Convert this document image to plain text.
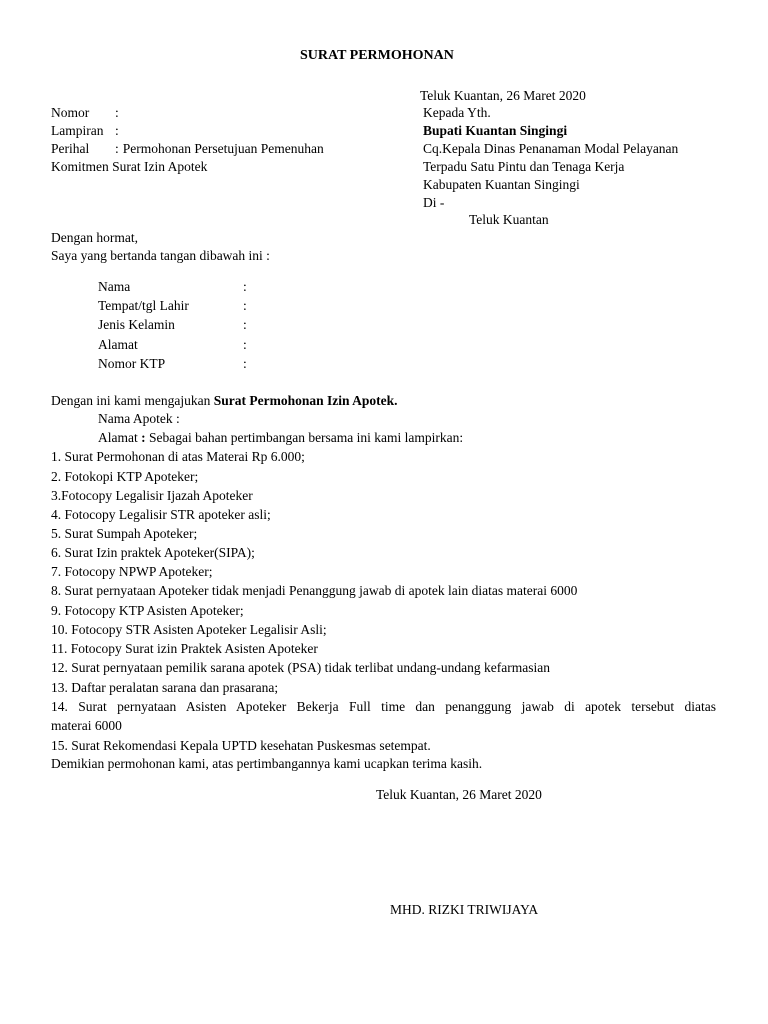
SURAT PERMOHONAN
Teluk Kuantan, 26 Maret 2020
Nomor :
Lampiran :
Perihal : Permohonan Persetujuan Pemenuhan
Komitmen Surat Izin Apotek
Kepada Yth.
Bupati Kuantan Singingi
Cq.Kepala Dinas Penanaman Modal Pelayanan
Terpadu Satu Pintu dan Tenaga Kerja
Kabupaten Kuantan Singingi
Di -
Teluk Kuantan
Dengan hormat,
Saya yang bertanda tangan dibawah ini :
Nama	:
Tempat/tgl Lahir	:
Jenis Kelamin	:
Alamat	:
Nomor KTP	:
Dengan ini kami mengajukan Surat Permohonan Izin Apotek.
Nama Apotek :
Alamat : Sebagai bahan pertimbangan bersama ini kami lampirkan:
1. Surat Permohonan di atas Materai Rp 6.000;
2. Fotokopi KTP Apoteker;
3.Fotocopy Legalisir Ijazah Apoteker
4. Fotocopy Legalisir STR apoteker asli;
5. Surat Sumpah Apoteker;
6. Surat Izin praktek Apoteker(SIPA);
7. Fotocopy NPWP Apoteker;
8. Surat pernyataan Apoteker tidak menjadi Penanggung jawab di apotek lain diatas materai 6000
9. Fotocopy KTP Asisten Apoteker;
10. Fotocopy STR Asisten Apoteker Legalisir Asli;
11. Fotocopy Surat izin Praktek Asisten Apoteker
12. Surat pernyataan pemilik sarana apotek (PSA) tidak terlibat undang-undang kefarmasian
13. Daftar peralatan sarana dan prasarana;
14. Surat pernyataan Asisten Apoteker Bekerja Full time dan penanggung jawab di apotek tersebut diatas
materai 6000
15. Surat Rekomendasi Kepala UPTD kesehatan Puskesmas setempat.
Demikian permohonan kami, atas pertimbangannya kami ucapkan terima kasih.
Teluk Kuantan, 26 Maret 2020
MHD. RIZKI TRIWIJAYA
